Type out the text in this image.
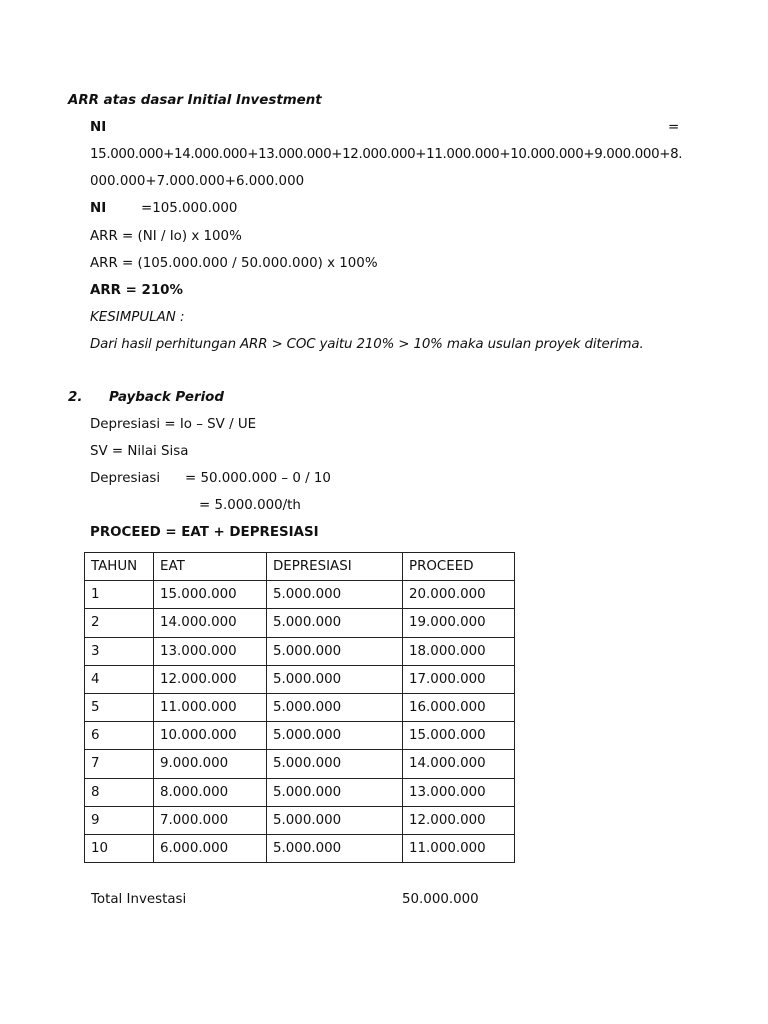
ARR atas dasar Initial Investment
NI	=
15.000.000+14.000.000+13.000.000+12.000.000+11.000.000+10.000.000+9.000.000+8.
000.000+7.000.000+6.000.000
NI	=105.000.000
ARR = (NI / Io) x 100%
ARR = (105.000.000 / 50.000.000) x 100%
ARR = 210%
KESIMPULAN :
Dari hasil perhitungan ARR > COC yaitu 210% > 10% maka usulan proyek diterima.
2. Payback Period
Depresiasi = Io – SV / UE
SV = Nilai Sisa
Depresiasi = 50.000.000 – 0 / 10
= 5.000.000/th
PROCEED = EAT + DEPRESIASI
TAHUN	EAT	DEPRESIASI	PROCEED
1	15.000.000	5.000.000	20.000.000
2	14.000.000	5.000.000	19.000.000
3	13.000.000	5.000.000	18.000.000
4	12.000.000	5.000.000	17.000.000
5	11.000.000	5.000.000	16.000.000
6	10.000.000	5.000.000	15.000.000
7	9.000.000	5.000.000	14.000.000
8	8.000.000	5.000.000	13.000.000
9	7.000.000	5.000.000	12.000.000
10	6.000.000	5.000.000	11.000.000
Total Investasi	50.000.000
